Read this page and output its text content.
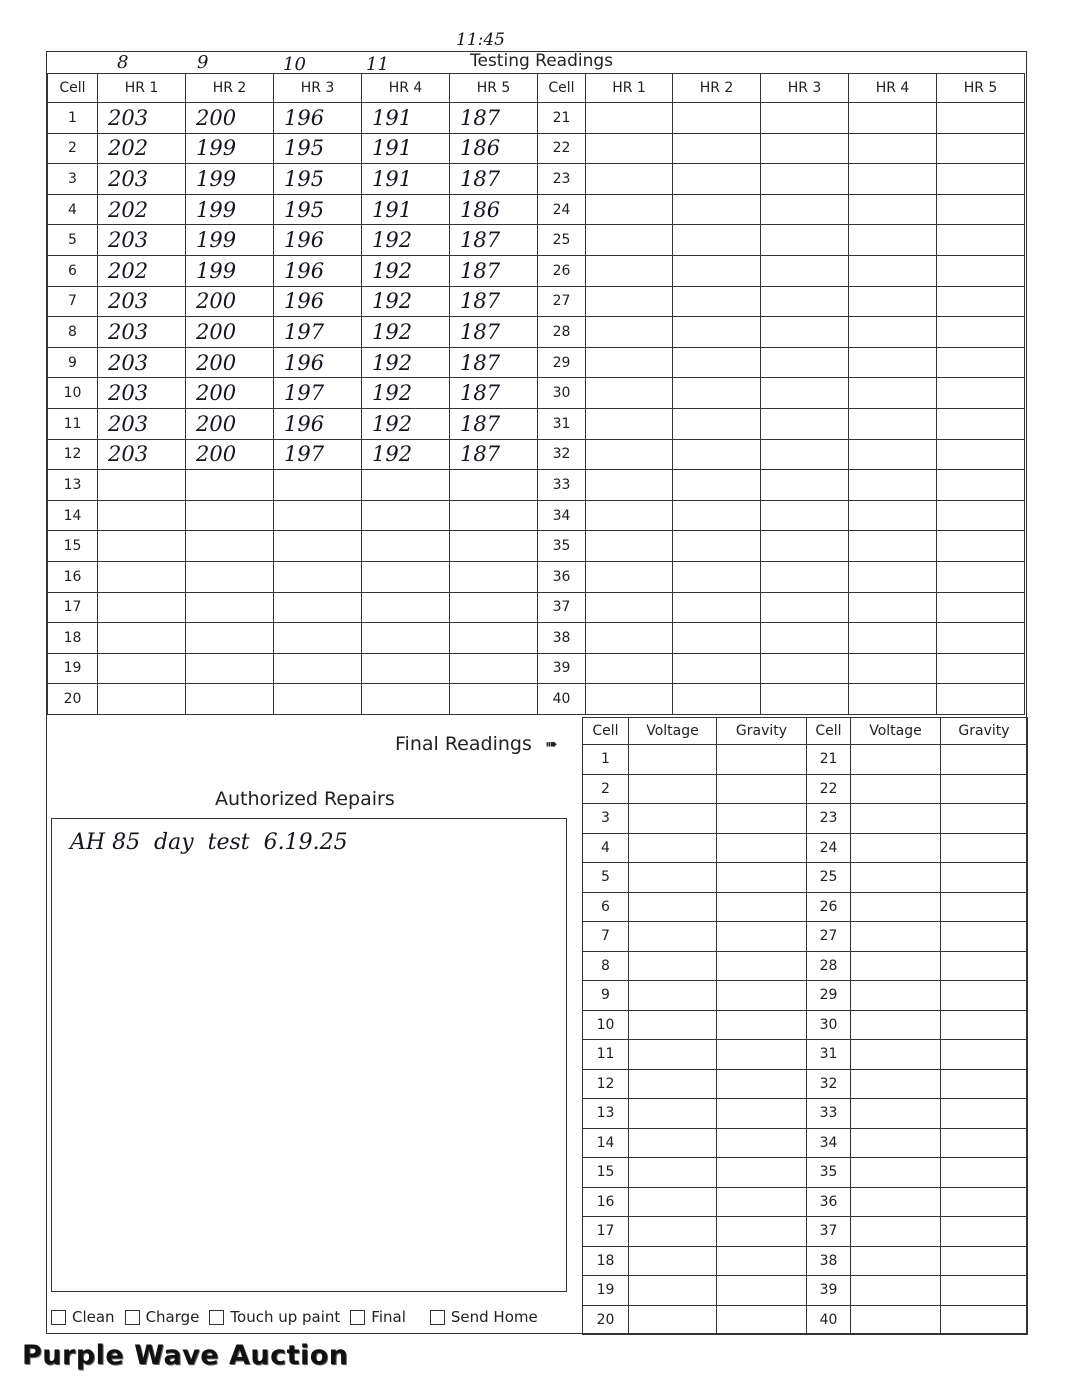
11:45
8	9	10	11	Testing Readings
Cell	HR 1	HR 2	HR 3	HR 4	HR 5	Cell	HR 1	HR 2	HR 3	HR 4	HR 5
1	203	200	196	191	187	21					
2	202	199	195	191	186	22					
3	203	199	195	191	187	23					
4	202	199	195	191	186	24					
5	203	199	196	192	187	25					
6	202	199	196	192	187	26					
7	203	200	196	192	187	27					
8	203	200	197	192	187	28					
9	203	200	196	192	187	29					
10	203	200	197	192	187	30					
11	203	200	196	192	187	31					
12	203	200	197	192	187	32					
13						33					
14						34					
15						35					
16						36					
17						37					
18						38					
19						39					
20						40					
Final Readings ➠
Cell	Voltage	Gravity	Cell	Voltage	Gravity
1			21		
2			22		
3			23		
4			24		
5			25		
6			26		
7			27		
8			28		
9			29		
10			30		
11			31		
12			32		
13			33		
14			34		
15			35		
16			36		
17			37		
18			38		
19			39		
20			40		
Authorized Repairs
AH 85  day  test  6.19.25
Clean Charge Touch up paint Final	Send Home
Purple Wave Auction
